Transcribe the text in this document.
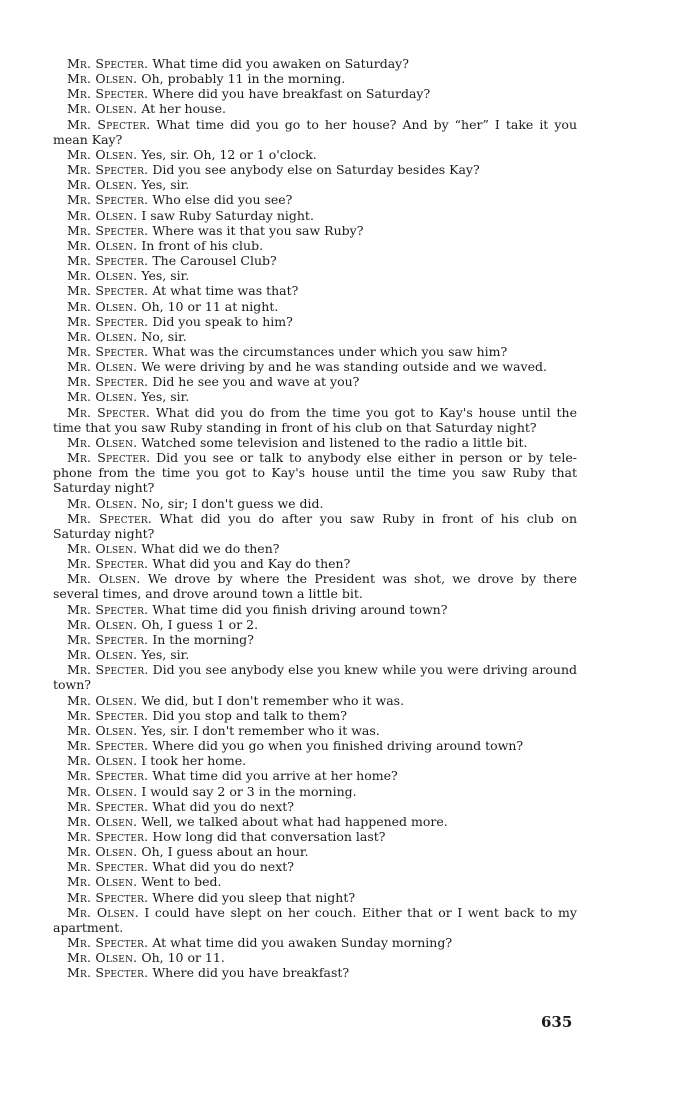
Mr. Specter. What time did you awaken on Saturday?

Mr. Olsen. Oh, probably 11 in the morning.

Mr. Specter. Where did you have breakfast on Saturday?

Mr. Olsen. At her house.

Mr. Specter. What time did you go to her house? And by “her” I take it you mean Kay?

Mr. Olsen. Yes, sir. Oh, 12 or 1 o'clock.

Mr. Specter. Did you see anybody else on Saturday besides Kay?

Mr. Olsen. Yes, sir.

Mr. Specter. Who else did you see?

Mr. Olsen. I saw Ruby Saturday night.

Mr. Specter. Where was it that you saw Ruby?

Mr. Olsen. In front of his club.

Mr. Specter. The Carousel Club?

Mr. Olsen. Yes, sir.

Mr. Specter. At what time was that?

Mr. Olsen. Oh, 10 or 11 at night.

Mr. Specter. Did you speak to him?

Mr. Olsen. No, sir.

Mr. Specter. What was the circumstances under which you saw him?

Mr. Olsen. We were driving by and he was standing outside and we waved.

Mr. Specter. Did he see you and wave at you?

Mr. Olsen. Yes, sir.

Mr. Specter. What did you do from the time you got to Kay's house until the time that you saw Ruby standing in front of his club on that Saturday night?

Mr. Olsen. Watched some television and listened to the radio a little bit.

Mr. Specter. Did you see or talk to anybody else either in person or by telephone from the time you got to Kay's house until the time you saw Ruby that Saturday night?

Mr. Olsen. No, sir; I don't guess we did.

Mr. Specter. What did you do after you saw Ruby in front of his club on Saturday night?

Mr. Olsen. What did we do then?

Mr. Specter. What did you and Kay do then?

Mr. Olsen. We drove by where the President was shot, we drove by there several times, and drove around town a little bit.

Mr. Specter. What time did you finish driving around town?

Mr. Olsen. Oh, I guess 1 or 2.

Mr. Specter. In the morning?

Mr. Olsen. Yes, sir.

Mr. Specter. Did you see anybody else you knew while you were driving around town?

Mr. Olsen. We did, but I don't remember who it was.

Mr. Specter. Did you stop and talk to them?

Mr. Olsen. Yes, sir. I don't remember who it was.

Mr. Specter. Where did you go when you finished driving around town?

Mr. Olsen. I took her home.

Mr. Specter. What time did you arrive at her home?

Mr. Olsen. I would say 2 or 3 in the morning.

Mr. Specter. What did you do next?

Mr. Olsen. Well, we talked about what had happened more.

Mr. Specter. How long did that conversation last?

Mr. Olsen. Oh, I guess about an hour.

Mr. Specter. What did you do next?

Mr. Olsen. Went to bed.

Mr. Specter. Where did you sleep that night?

Mr. Olsen. I could have slept on her couch. Either that or I went back to my apartment.

Mr. Specter. At what time did you awaken Sunday morning?

Mr. Olsen. Oh, 10 or 11.

Mr. Specter. Where did you have breakfast?

635
